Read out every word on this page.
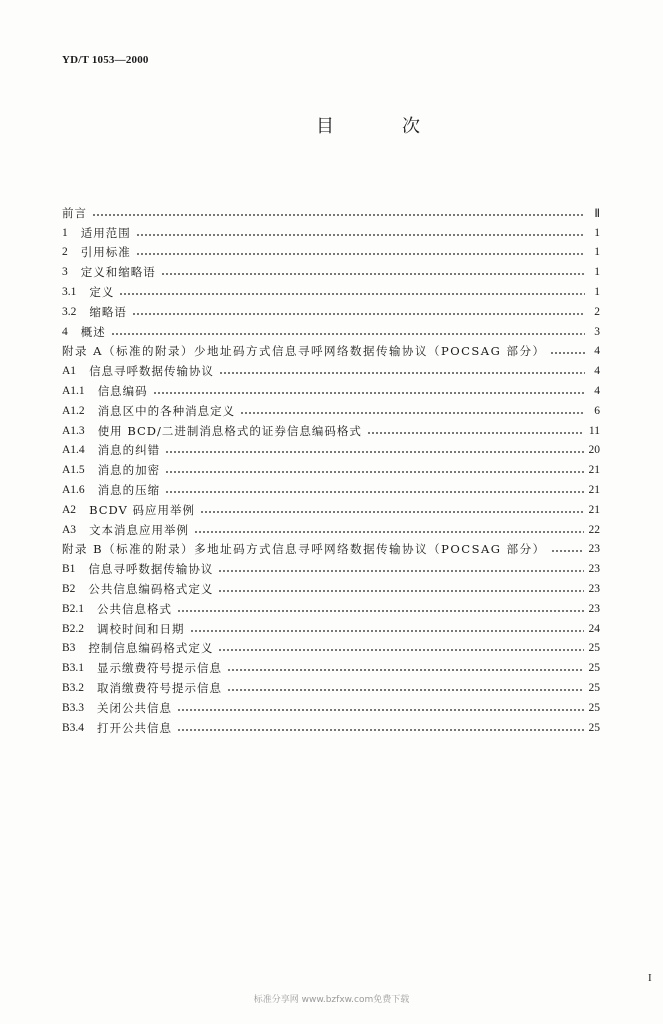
YD/T 1053—2000
目次
前言	Ⅱ
1 适用范围	1
2 引用标准	1
3 定义和缩略语	1
3.1 定义	1
3.2 缩略语	2
4 概述	3
附录 A（标准的附录）少地址码方式信息寻呼网络数据传输协议（POCSAG 部分）	4
A1 信息寻呼数据传输协议	4
A1.1 信息编码	4
A1.2 消息区中的各种消息定义	6
A1.3 使用 BCD/二进制消息格式的证券信息编码格式	11
A1.4 消息的纠错	20
A1.5 消息的加密	21
A1.6 消息的压缩	21
A2 BCDV 码应用举例	21
A3 文本消息应用举例	22
附录 B（标准的附录）多地址码方式信息寻呼网络数据传输协议（POCSAG 部分）	23
B1 信息寻呼数据传输协议	23
B2 公共信息编码格式定义	23
B2.1 公共信息格式	23
B2.2 调校时间和日期	24
B3 控制信息编码格式定义	25
B3.1 显示缴费符号提示信息	25
B3.2 取消缴费符号提示信息	25
B3.3 关闭公共信息	25
B3.4 打开公共信息	25
I
标准分享网 www.bzfxw.com免费下载
